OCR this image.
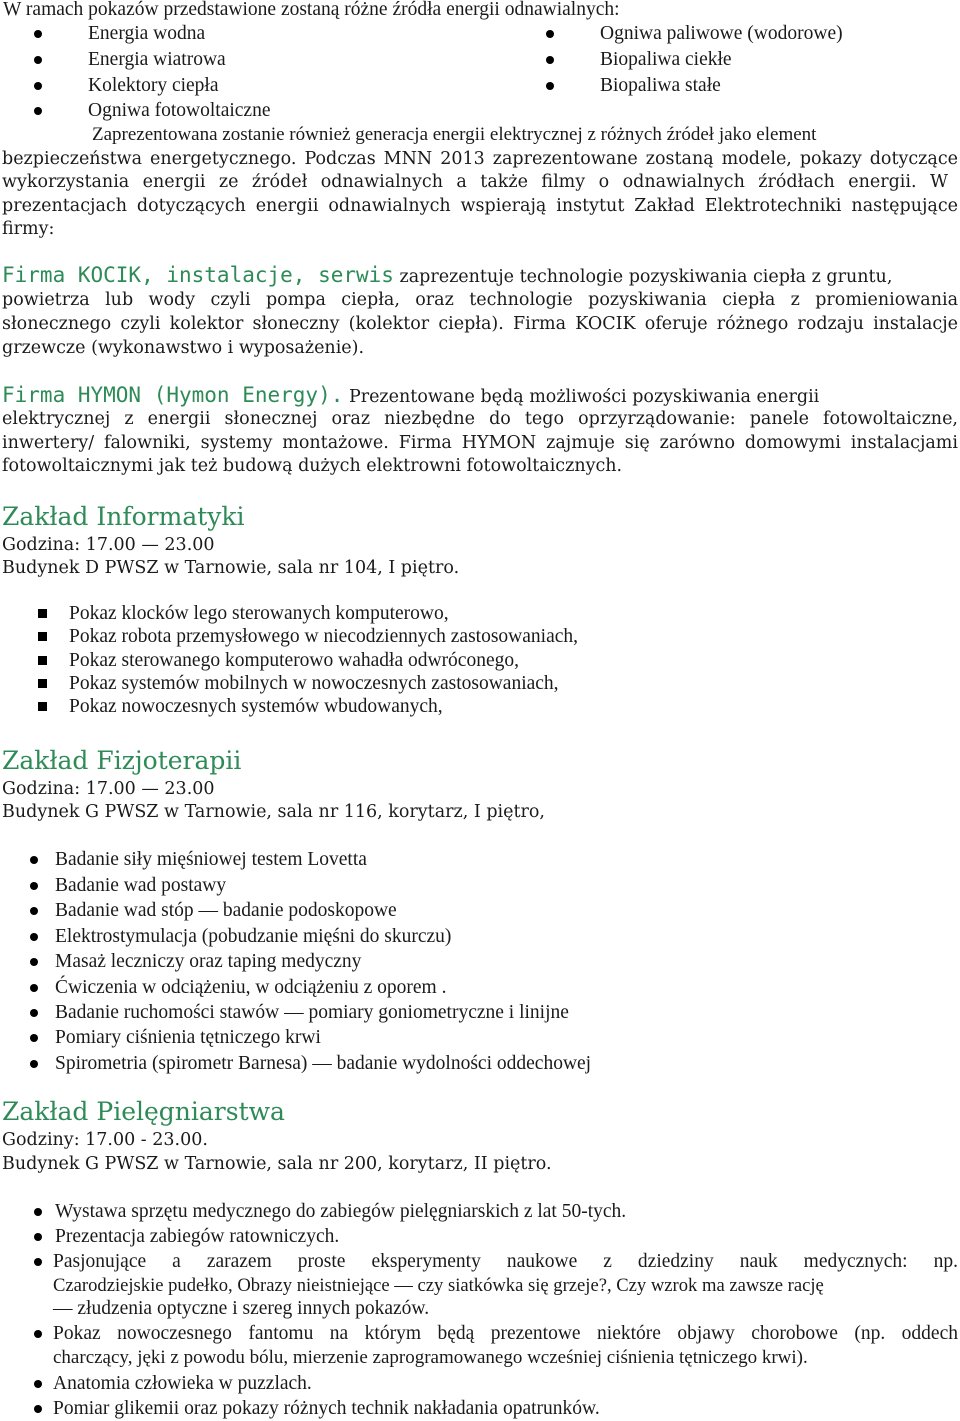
W ramach pokazów przedstawione zostaną różne źródła energii odnawialnych:
Energia wodna
Energia wiatrowa
Kolektory ciepła
Ogniwa fotowoltaiczne
Ogniwa paliwowe (wodorowe)
Biopaliwa ciekłe
Biopaliwa stałe
Zaprezentowana zostanie również generacja energii elektrycznej z różnych źródeł jako element
bezpieczeństwa energetycznego. Podczas MNN 2013 zaprezentowane zostaną modele, pokazy dotyczące
wykorzystania energii ze źródeł odnawialnych a także filmy o odnawialnych źródłach energii. W
prezentacjach dotyczących energii odnawialnych wspierają instytut Zakład Elektrotechniki następujące
firmy:
Firma KOCIK, instalacje, serwis zaprezentuje technologie pozyskiwania ciepła z gruntu,
powietrza lub wody czyli pompa ciepła, oraz technologie pozyskiwania ciepła z promieniowania
słonecznego czyli kolektor słoneczny (kolektor ciepła). Firma KOCIK oferuje różnego rodzaju instalacje
grzewcze (wykonawstwo i wyposażenie).
Firma HYMON (Hymon Energy). Prezentowane będą możliwości pozyskiwania energii
elektrycznej z energii słonecznej oraz niezbędne do tego oprzyrządowanie: panele fotowoltaiczne,
inwertery/ falowniki, systemy montażowe. Firma HYMON zajmuje się zarówno domowymi instalacjami
fotowoltaicznymi jak też budową dużych elektrowni fotowoltaicznych.
Zakład Informatyki
Godzina: 17.00 — 23.00
Budynek D PWSZ w Tarnowie, sala nr 104, I piętro.
Pokaz klocków lego sterowanych komputerowo,
Pokaz robota przemysłowego w niecodziennych zastosowaniach,
Pokaz sterowanego komputerowo wahadła odwróconego,
Pokaz systemów mobilnych w nowoczesnych zastosowaniach,
Pokaz nowoczesnych systemów wbudowanych,
Zakład Fizjoterapii
Godzina: 17.00 — 23.00
Budynek G PWSZ w Tarnowie, sala nr 116, korytarz, I piętro,
Badanie siły mięśniowej testem Lovetta
Badanie wad postawy
Badanie wad stóp — badanie podoskopowe
Elektrostymulacja (pobudzanie mięśni do skurczu)
Masaż leczniczy oraz taping medyczny
Ćwiczenia w odciążeniu, w odciążeniu z oporem .
Badanie ruchomości stawów — pomiary goniometryczne i linijne
Pomiary ciśnienia tętniczego krwi
Spirometria (spirometr Barnesa) — badanie wydolności oddechowej
Zakład Pielęgniarstwa
Godziny: 17.00 - 23.00.
Budynek G PWSZ w Tarnowie, sala nr 200, korytarz, II piętro.
Wystawa sprzętu medycznego do zabiegów pielęgniarskich z lat 50-tych.
Prezentacja zabiegów ratowniczych.
Pasjonujące a zarazem proste eksperymenty naukowe z dziedziny nauk medycznych: np.
Czarodziejskie pudełko, Obrazy nieistniejące — czy siatkówka się grzeje?, Czy wzrok ma zawsze rację
— złudzenia optyczne i szereg innych pokazów.
Pokaz nowoczesnego fantomu na którym będą prezentowe niektóre objawy chorobowe (np. oddech
charczący, jęki z powodu bólu, mierzenie zaprogramowanego wcześniej ciśnienia tętniczego krwi).
Anatomia człowieka w puzzlach.
Pomiar glikemii oraz pokazy różnych technik nakładania opatrunków.
